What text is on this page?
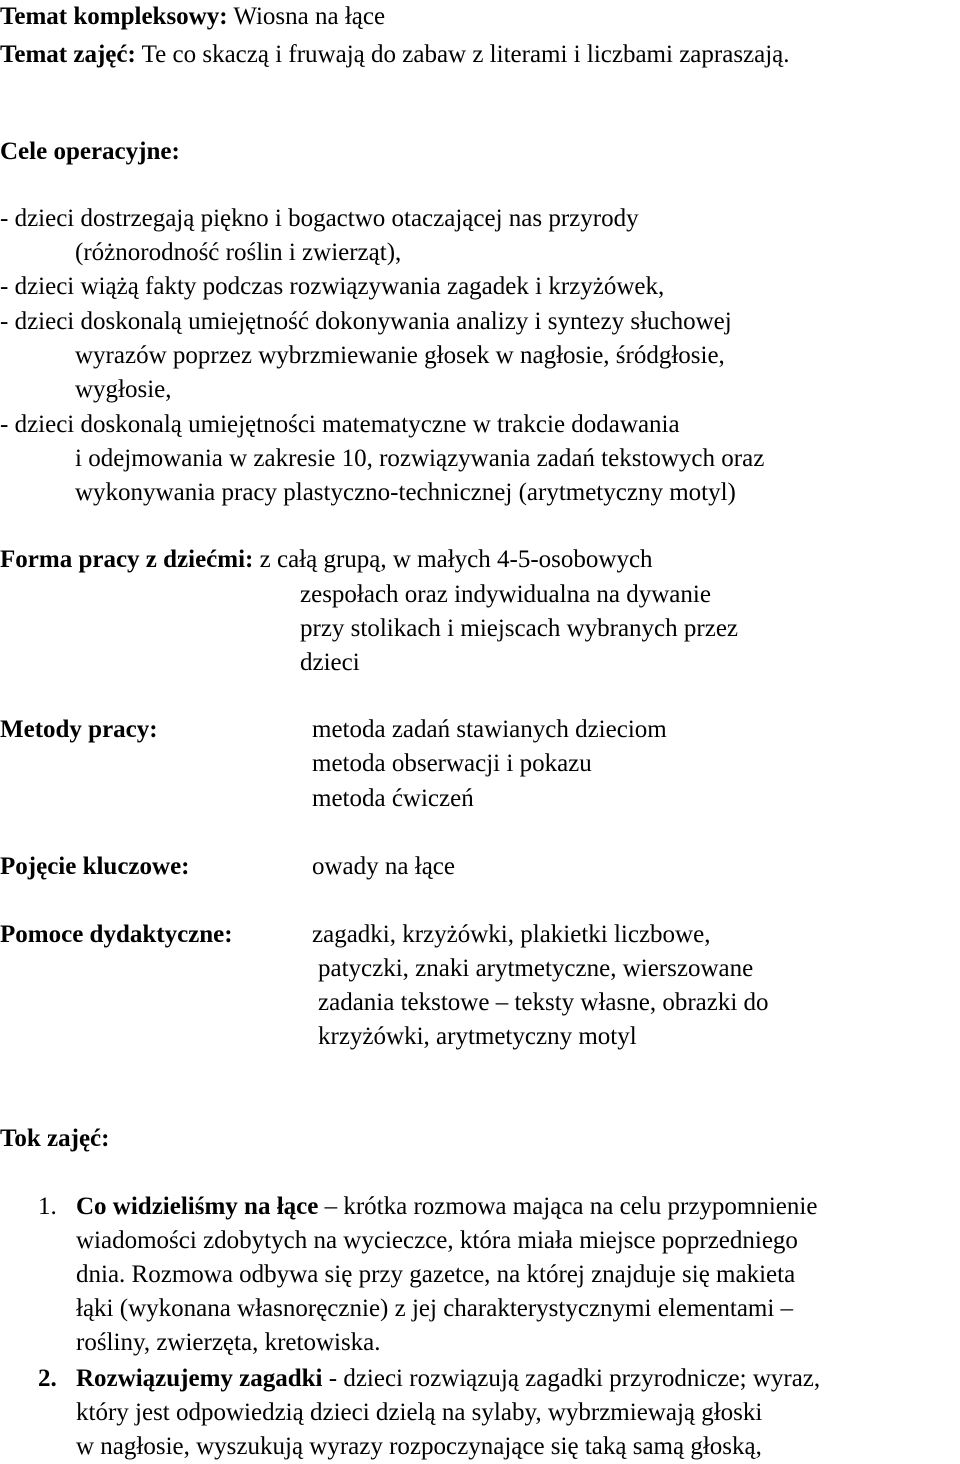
Temat kompleksowy: Wiosna na łące
Temat zajęć: Te co skaczą i fruwają do zabaw z literami i liczbami zapraszają.
Cele operacyjne:
- dzieci dostrzegają piękno i bogactwo otaczającej nas przyrody
(różnorodność roślin i zwierząt),
- dzieci wiążą fakty podczas rozwiązywania zagadek i krzyżówek,
- dzieci doskonalą umiejętność dokonywania analizy i syntezy słuchowej
wyrazów poprzez wybrzmiewanie głosek w nagłosie, śródgłosie,
wygłosie,
- dzieci doskonalą umiejętności matematyczne w trakcie dodawania
i odejmowania w zakresie 10, rozwiązywania zadań tekstowych oraz
wykonywania pracy plastyczno-technicznej (arytmetyczny motyl)
Forma pracy z dziećmi: z całą grupą, w małych 4-5-osobowych
zespołach oraz indywidualna na dywanie
przy stolikach i miejscach wybranych przez
dzieci
Metody pracy:	metoda zadań stawianych dzieciom
metoda obserwacji i pokazu
metoda ćwiczeń
Pojęcie kluczowe:	owady na łące
Pomoce dydaktyczne:	zagadki, krzyżówki, plakietki liczbowe,
patyczki, znaki arytmetyczne, wierszowane
zadania tekstowe – teksty własne, obrazki do
krzyżówki, arytmetyczny motyl
Tok zajęć:
1. Co widzieliśmy na łące – krótka rozmowa mająca na celu przypomnienie
wiadomości zdobytych na wycieczce, która miała miejsce poprzedniego
dnia. Rozmowa odbywa się przy gazetce, na której znajduje się makieta
łąki (wykonana własnoręcznie) z jej charakterystycznymi elementami –
rośliny, zwierzęta, kretowiska.
2. Rozwiązujemy zagadki - dzieci rozwiązują zagadki przyrodnicze; wyraz,
który jest odpowiedzią dzieci dzielą na sylaby, wybrzmiewają głoski
w nagłosie, wyszukują wyrazy rozpoczynające się taką samą głoską,
